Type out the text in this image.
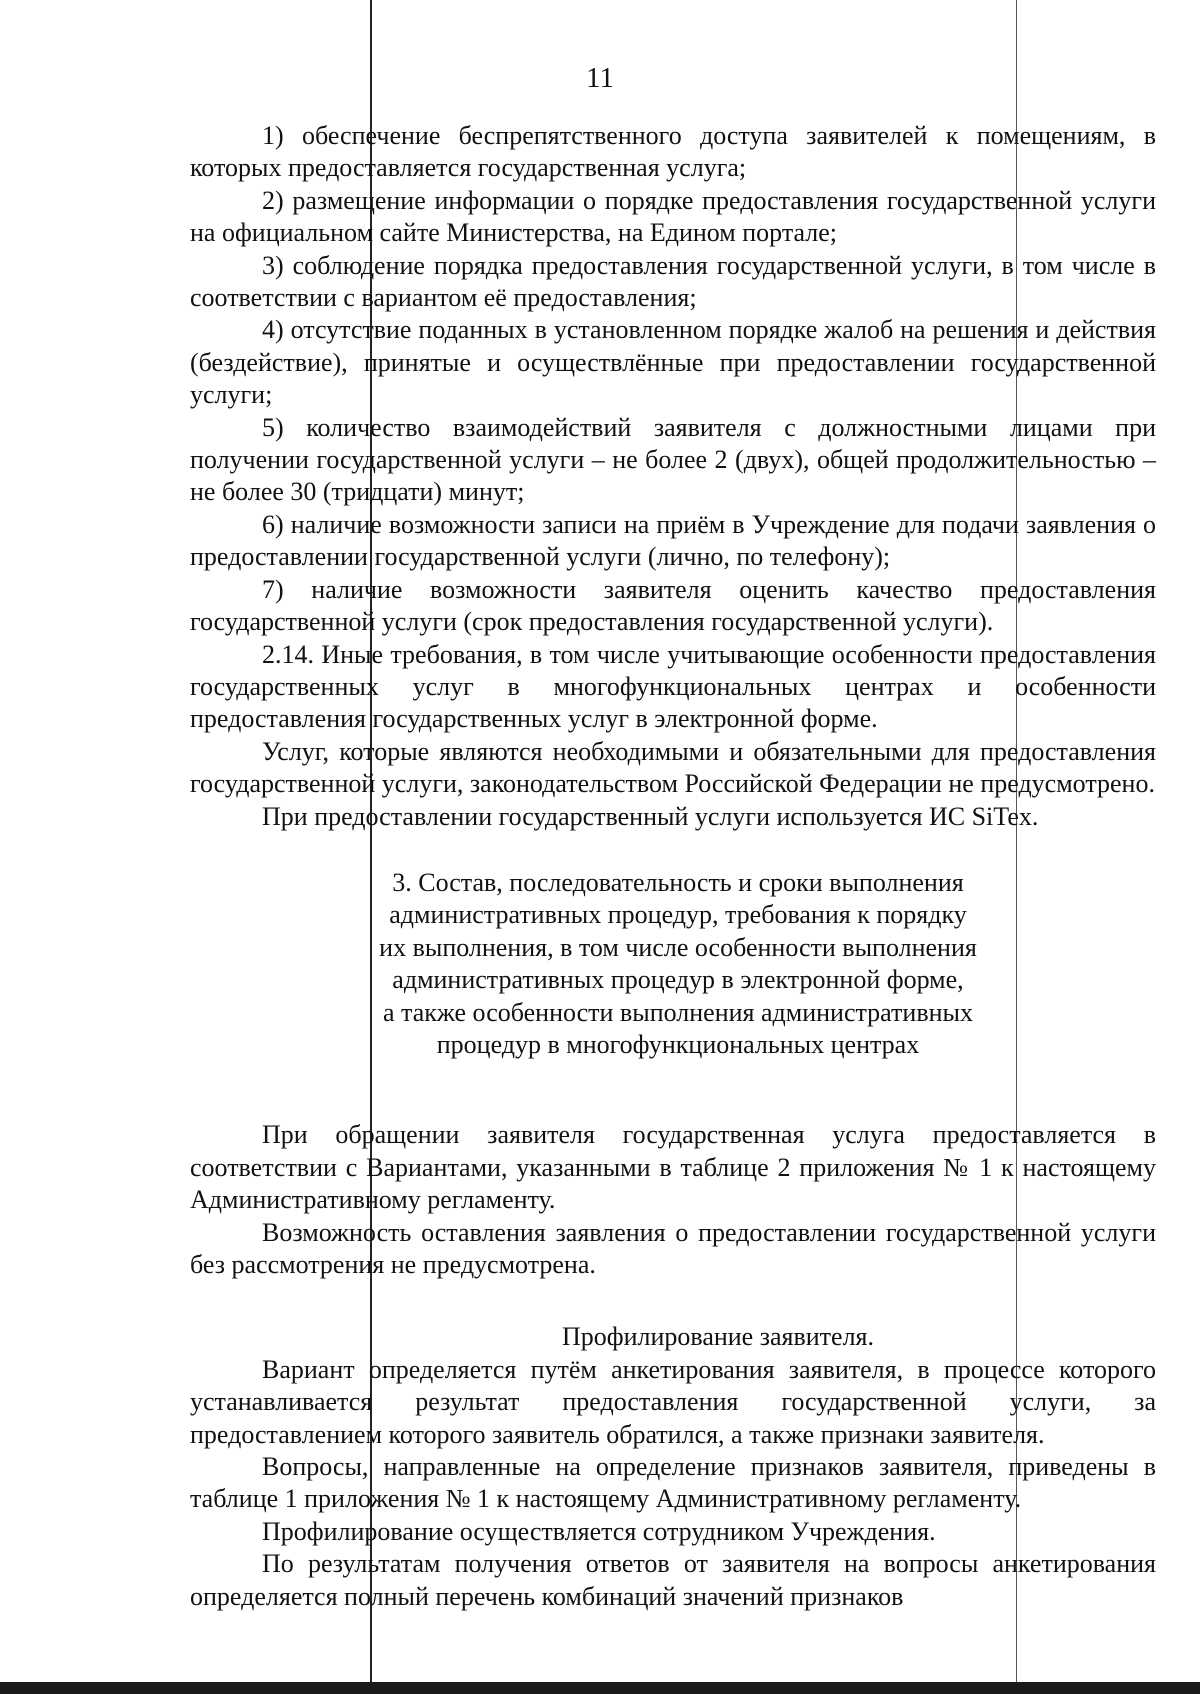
11

1) обеспечение беспрепятственного доступа заявителей к помещениям, в которых предоставляется государственная услуга;

2) размещение информации о порядке предоставления государственной услуги на официальном сайте Министерства, на Едином портале;

3) соблюдение порядка предоставления государственной услуги, в том числе в соответствии с вариантом её предоставления;

4) отсутствие поданных в установленном порядке жалоб на решения и действия (бездействие), принятые и осуществлённые при предоставлении государственной услуги;

5) количество взаимодействий заявителя с должностными лицами при получении государственной услуги – не более 2 (двух), общей продолжительностью – не более 30 (тридцати) минут;

6) наличие возможности записи на приём в Учреждение для подачи заявления о предоставлении государственной услуги (лично, по телефону);

7) наличие возможности заявителя оценить качество предоставления государственной услуги (срок предоставления государственной услуги).

2.14. Иные требования, в том числе учитывающие особенности предоставления государственных услуг в многофункциональных центрах и особенности предоставления государственных услуг в электронной форме.

Услуг, которые являются необходимыми и обязательными для предоставления государственной услуги, законодательством Российской Федерации не предусмотрено.

При предоставлении государственный услуги используется ИС SiTex.

3. Состав, последовательность и сроки выполнения

административных процедур, требования к порядку

их выполнения, в том числе особенности выполнения

административных процедур в электронной форме,

а также особенности выполнения административных

процедур в многофункциональных центрах

При обращении заявителя государственная услуга предоставляется в соответствии с Вариантами, указанными в таблице 2 приложения № 1 к настоящему Административному регламенту.

Возможность оставления заявления о предоставлении государственной услуги без рассмотрения не предусмотрена.

Профилирование заявителя.

Вариант определяется путём анкетирования заявителя, в процессе которого устанавливается результат предоставления государственной услуги, за предоставлением которого заявитель обратился, а также признаки заявителя.

Вопросы, направленные на определение признаков заявителя, приведены в таблице 1 приложения № 1 к настоящему Административному регламенту.

Профилирование осуществляется сотрудником Учреждения.

По результатам получения ответов от заявителя на вопросы анкетирования определяется полный перечень комбинаций значений признаков
